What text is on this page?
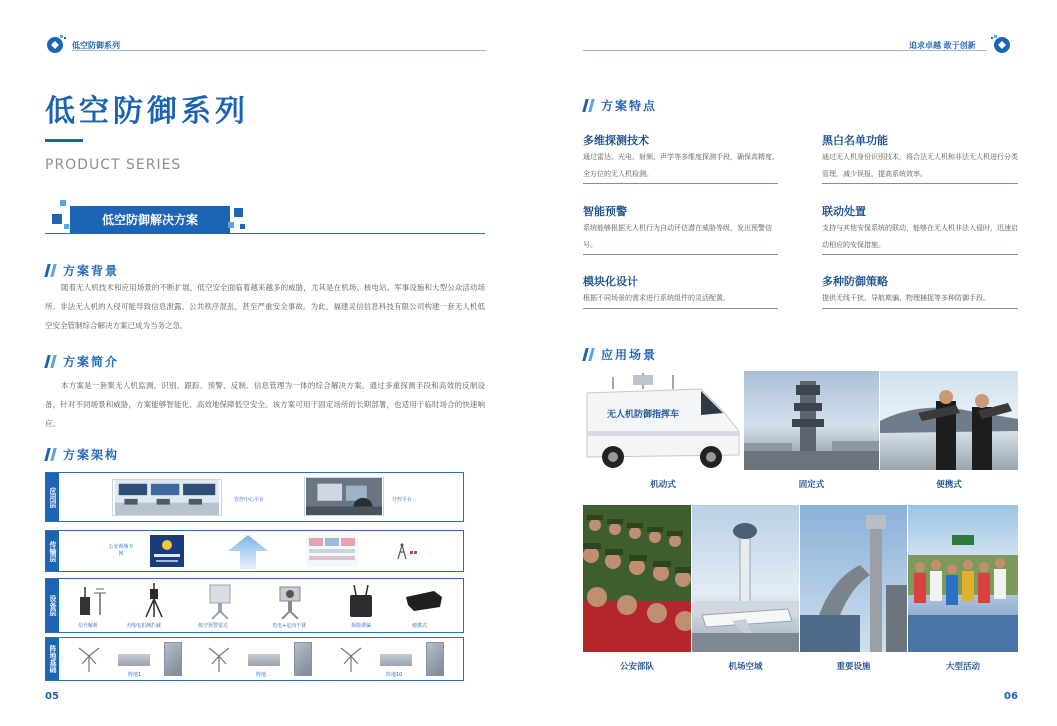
低空防御系列	追求卓越 敢于创新
低空防御系列
PRODUCT SERIES
低空防御解决方案
方案背景
随着无人机技术和应用场景的不断扩展，低空安全面临着越来越多的威胁，尤其是在机场、核电站、军事设施和大型公众活动场所。非法无人机的入侵可能导致信息泄露、公共秩序混乱，甚至严重安全事故。为此，福建灵信信息科技有限公司构建一套无人机低空安全管制综合解决方案已成为当务之急。
方案简介
本方案是一套集无人机监测、识别、跟踪、预警、反制、信息管理为一体的综合解决方案。通过多重探测手段和高效的反制设备，针对不同场景和威胁，方案能够智能化、高效地保障低空安全。该方案可用于固定场所的长期部署，也适用于临时场合的快速响应。
方案架构
应用层	管控中心平台	分控平台
传输层	公安视频专网
设备层
信号解析	天线电扣测拦截	低空预警雷达	光电+定向干扰	拆除诱骗	便携式
阵地基础
阵地1	阵地…	阵地10
05
方案特点
多维探测技术
通过雷达、光电、射频、声学等多维度探测手段，确保高精度、全方位的无人机检测。
黑白名单功能
通过无人机身份识别技术，将合法无人机和非法无人机进行分类管理，减少误报，提高系统效率。
智能预警
系统能够根据无人机行为自动评估潜在威胁等级，发出预警信号。
联动处置
支持与其他安保系统的联动，能够在无人机非法入侵时，迅速启动相应的安保措施。
模块化设计
根据不同场景的需求进行系统组件的灵活配置。
多种防御策略
提供无线干扰、导航欺骗、物理捕捉等多种防御手段。
应用场景
无人机防御指挥车
机动式	固定式	便携式
公安部队	机场空域	重要设施	大型活动
06
